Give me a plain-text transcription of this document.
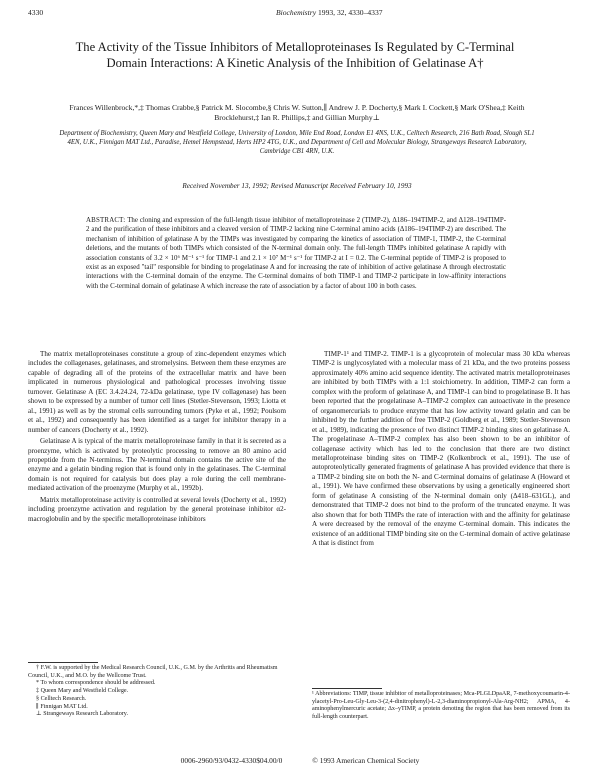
4330	Biochemistry 1993, 32, 4330–4337
The Activity of the Tissue Inhibitors of Metalloproteinases Is Regulated by C-Terminal Domain Interactions: A Kinetic Analysis of the Inhibition of Gelatinase A†
Frances Willenbrock,*,‡ Thomas Crabbe,§ Patrick M. Slocombe,§ Chris W. Sutton,∥ Andrew J. P. Docherty,§ Mark I. Cockett,§ Mark O'Shea,‡ Keith Brocklehurst,‡ Ian R. Phillips,‡ and Gillian Murphy⊥
Department of Biochemistry, Queen Mary and Westfield College, University of London, Mile End Road, London E1 4NS, U.K., Celltech Research, 216 Bath Road, Slough SL1 4EN, U.K., Finnigan MAT Ltd., Paradise, Hemel Hempstead, Herts HP2 4TG, U.K., and Department of Cell and Molecular Biology, Strangeways Research Laboratory, Cambridge CB1 4RN, U.K.
Received November 13, 1992; Revised Manuscript Received February 10, 1993
ABSTRACT: The cloning and expression of the full-length tissue inhibitor of metalloproteinase 2 (TIMP-2), Δ186–194TIMP-2, and Δ128–194TIMP-2 and the purification of these inhibitors and a cleaved version of TIMP-2 lacking nine C-terminal amino acids (Δ186–194TIMP-2) are described. The mechanism of inhibition of gelatinase A by the TIMPs was investigated by comparing the kinetics of association of TIMP-1, TIMP-2, the C-terminal deletions, and the mutants of both TIMPs which consisted of the N-terminal domain only. The full-length TIMPs inhibited gelatinase A rapidly with association constants of 3.2 × 10⁶ M⁻¹ s⁻¹ for TIMP-1 and 2.1 × 10⁷ M⁻¹ s⁻¹ for TIMP-2 at I = 0.2. The C-terminal peptide of TIMP-2 is proposed to exist as an exposed "tail" responsible for binding to progelatinase A and for increasing the rate of inhibition of active gelatinase A through electrostatic interactions with the C-terminal domain of the enzyme. The C-terminal domains of both TIMP-1 and TIMP-2 participate in low-affinity interactions with the C-terminal domain of gelatinase A which increase the rate of association by a factor of about 100 in both cases.

The matrix metalloproteinases constitute a group of zinc-dependent enzymes which includes the collagenases, gelatinases, and stromelysins. Between them these enzymes are capable of degrading all of the proteins of the extracellular matrix and have been implicated in numerous physiological and pathological processes involving tissue turnover. Gelatinase A (EC 3.4.24.24, 72-kDa gelatinase, type IV collagenase) has been shown to be expressed by a number of tumor cell lines (Stetler-Stevenson, 1993; Liotta et al., 1991) as well as by the stromal cells surrounding tumors (Pyke et al., 1992; Poulsom et al., 1992) and consequently has been identified as a target for inhibitor therapy in a number of cancers (Docherty et al., 1992).

Gelatinase A is typical of the matrix metalloproteinase family in that it is secreted as a proenzyme, which is activated by proteolytic processing to remove an 80 amino acid propeptide from the N-terminus. The N-terminal domain contains the active site of the enzyme and a gelatin binding region that is found only in the gelatinases. The C-terminal domain is not required for catalysis but does play a role during the cell membrane-mediated activation of the proenzyme (Murphy et al., 1992b).

Matrix metalloproteinase activity is controlled at several levels (Docherty et al., 1992) including proenzyme activation and regulation by the general proteinase inhibitor α2-macroglobulin and by the specific metalloproteinase inhibitors

TIMP-1¹ and TIMP-2. TIMP-1 is a glycoprotein of molecular mass 30 kDa whereas TIMP-2 is unglycosylated with a molecular mass of 21 kDa, and the two proteins possess approximately 40% amino acid sequence identity. The activated matrix metalloproteinases are inhibited by both TIMPs with a 1:1 stoichiometry. In addition, TIMP-2 can form a complex with the proform of gelatinase A, and TIMP-1 can bind to progelatinase B. It has been reported that the progelatinase A–TIMP-2 complex can autoactivate in the presence of organomercurials to produce enzyme that has low activity toward gelatin and can be inhibited by the further addition of free TIMP-2 (Goldberg et al., 1989; Stetler-Stevenson et al., 1989), indicating the presence of two distinct TIMP-2 binding sites on gelatinase A. The progelatinase A–TIMP-2 complex has also been shown to be an inhibitor of collagenase activity which has led to the conclusion that there are two distinct metalloproteinase binding sites on TIMP-2 (Kolkenbrock et al., 1991). The use of autoproteolytically generated fragments of gelatinase A has provided evidence that there is a TIMP-2 binding site on both the N- and C-terminal domains of gelatinase A (Howard et al., 1991). We have confirmed these observations by using a genetically engineered short form of gelatinase A consisting of the N-terminal domain only (Δ418–631GL), and demonstrated that TIMP-2 does not bind to the proform of the truncated enzyme. It was also shown that for both TIMPs the rate of interaction with and the affinity for gelatinase A were decreased by the removal of the enzyme C-terminal domain. This indicates the existence of an additional TIMP binding site on the C-terminal domain of active gelatinase A that is distinct from

† F.W. is supported by the Medical Research Council, U.K., G.M. by the Arthritis and Rheumatism Council, U.K., and M.O. by the Wellcome Trust.
* To whom correspondence should be addressed.
‡ Queen Mary and Westfield College.
§ Celltech Research.
∥ Finnigan MAT Ltd.
⊥ Strangeways Research Laboratory.
¹ Abbreviations: TIMP, tissue inhibitor of metalloproteinases; Mca-PLGLDpaAR, 7-methoxycoumarin-4-ylacetyl-Pro-Leu-Gly-Leu-3-(2,4-dinitrophenyl)-L-2,3-diaminopropionyl-Ala-Arg-NH2; APMA, 4-aminophenylmercuric acetate; Δx–yTIMP, a protein denoting the region that has been removed from its full-length counterpart.
0006-2960/93/0432-4330$04.00/0	© 1993 American Chemical Society
